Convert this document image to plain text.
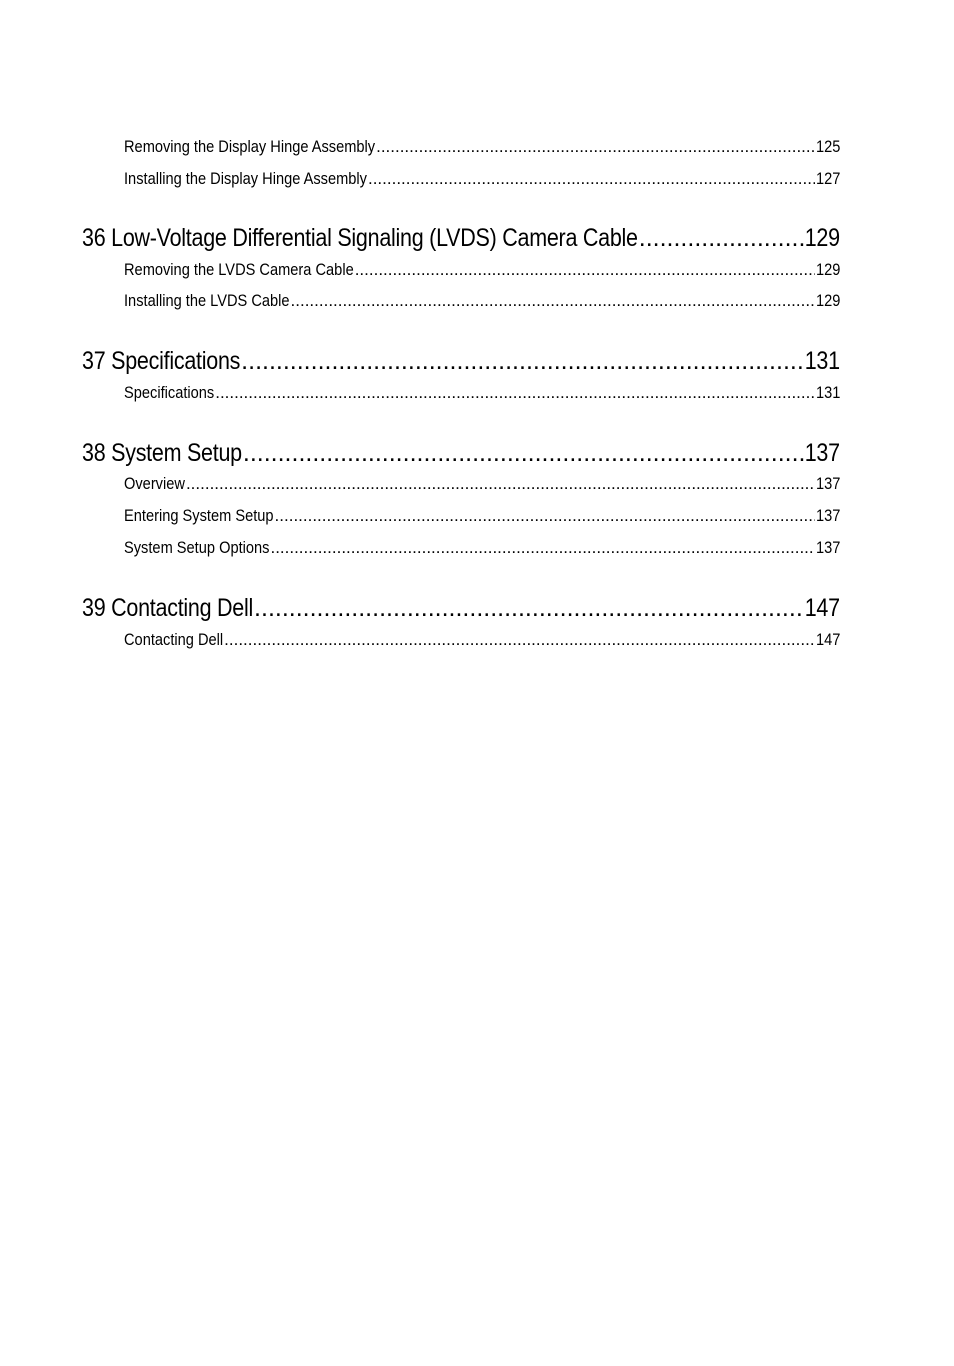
Removing the Display Hinge Assembly .....	125
Installing the Display Hinge Assembly .....	127
36 Low-Voltage Differential Signaling (LVDS) Camera Cable .....	129
Removing the LVDS Camera Cable .....	129
Installing the LVDS Cable .....	129
37 Specifications .....	131
Specifications .....	131
38 System Setup .....	137
Overview .....	137
Entering System Setup .....	137
System Setup Options .....	137
39 Contacting Dell .....	147
Contacting Dell .....	147
